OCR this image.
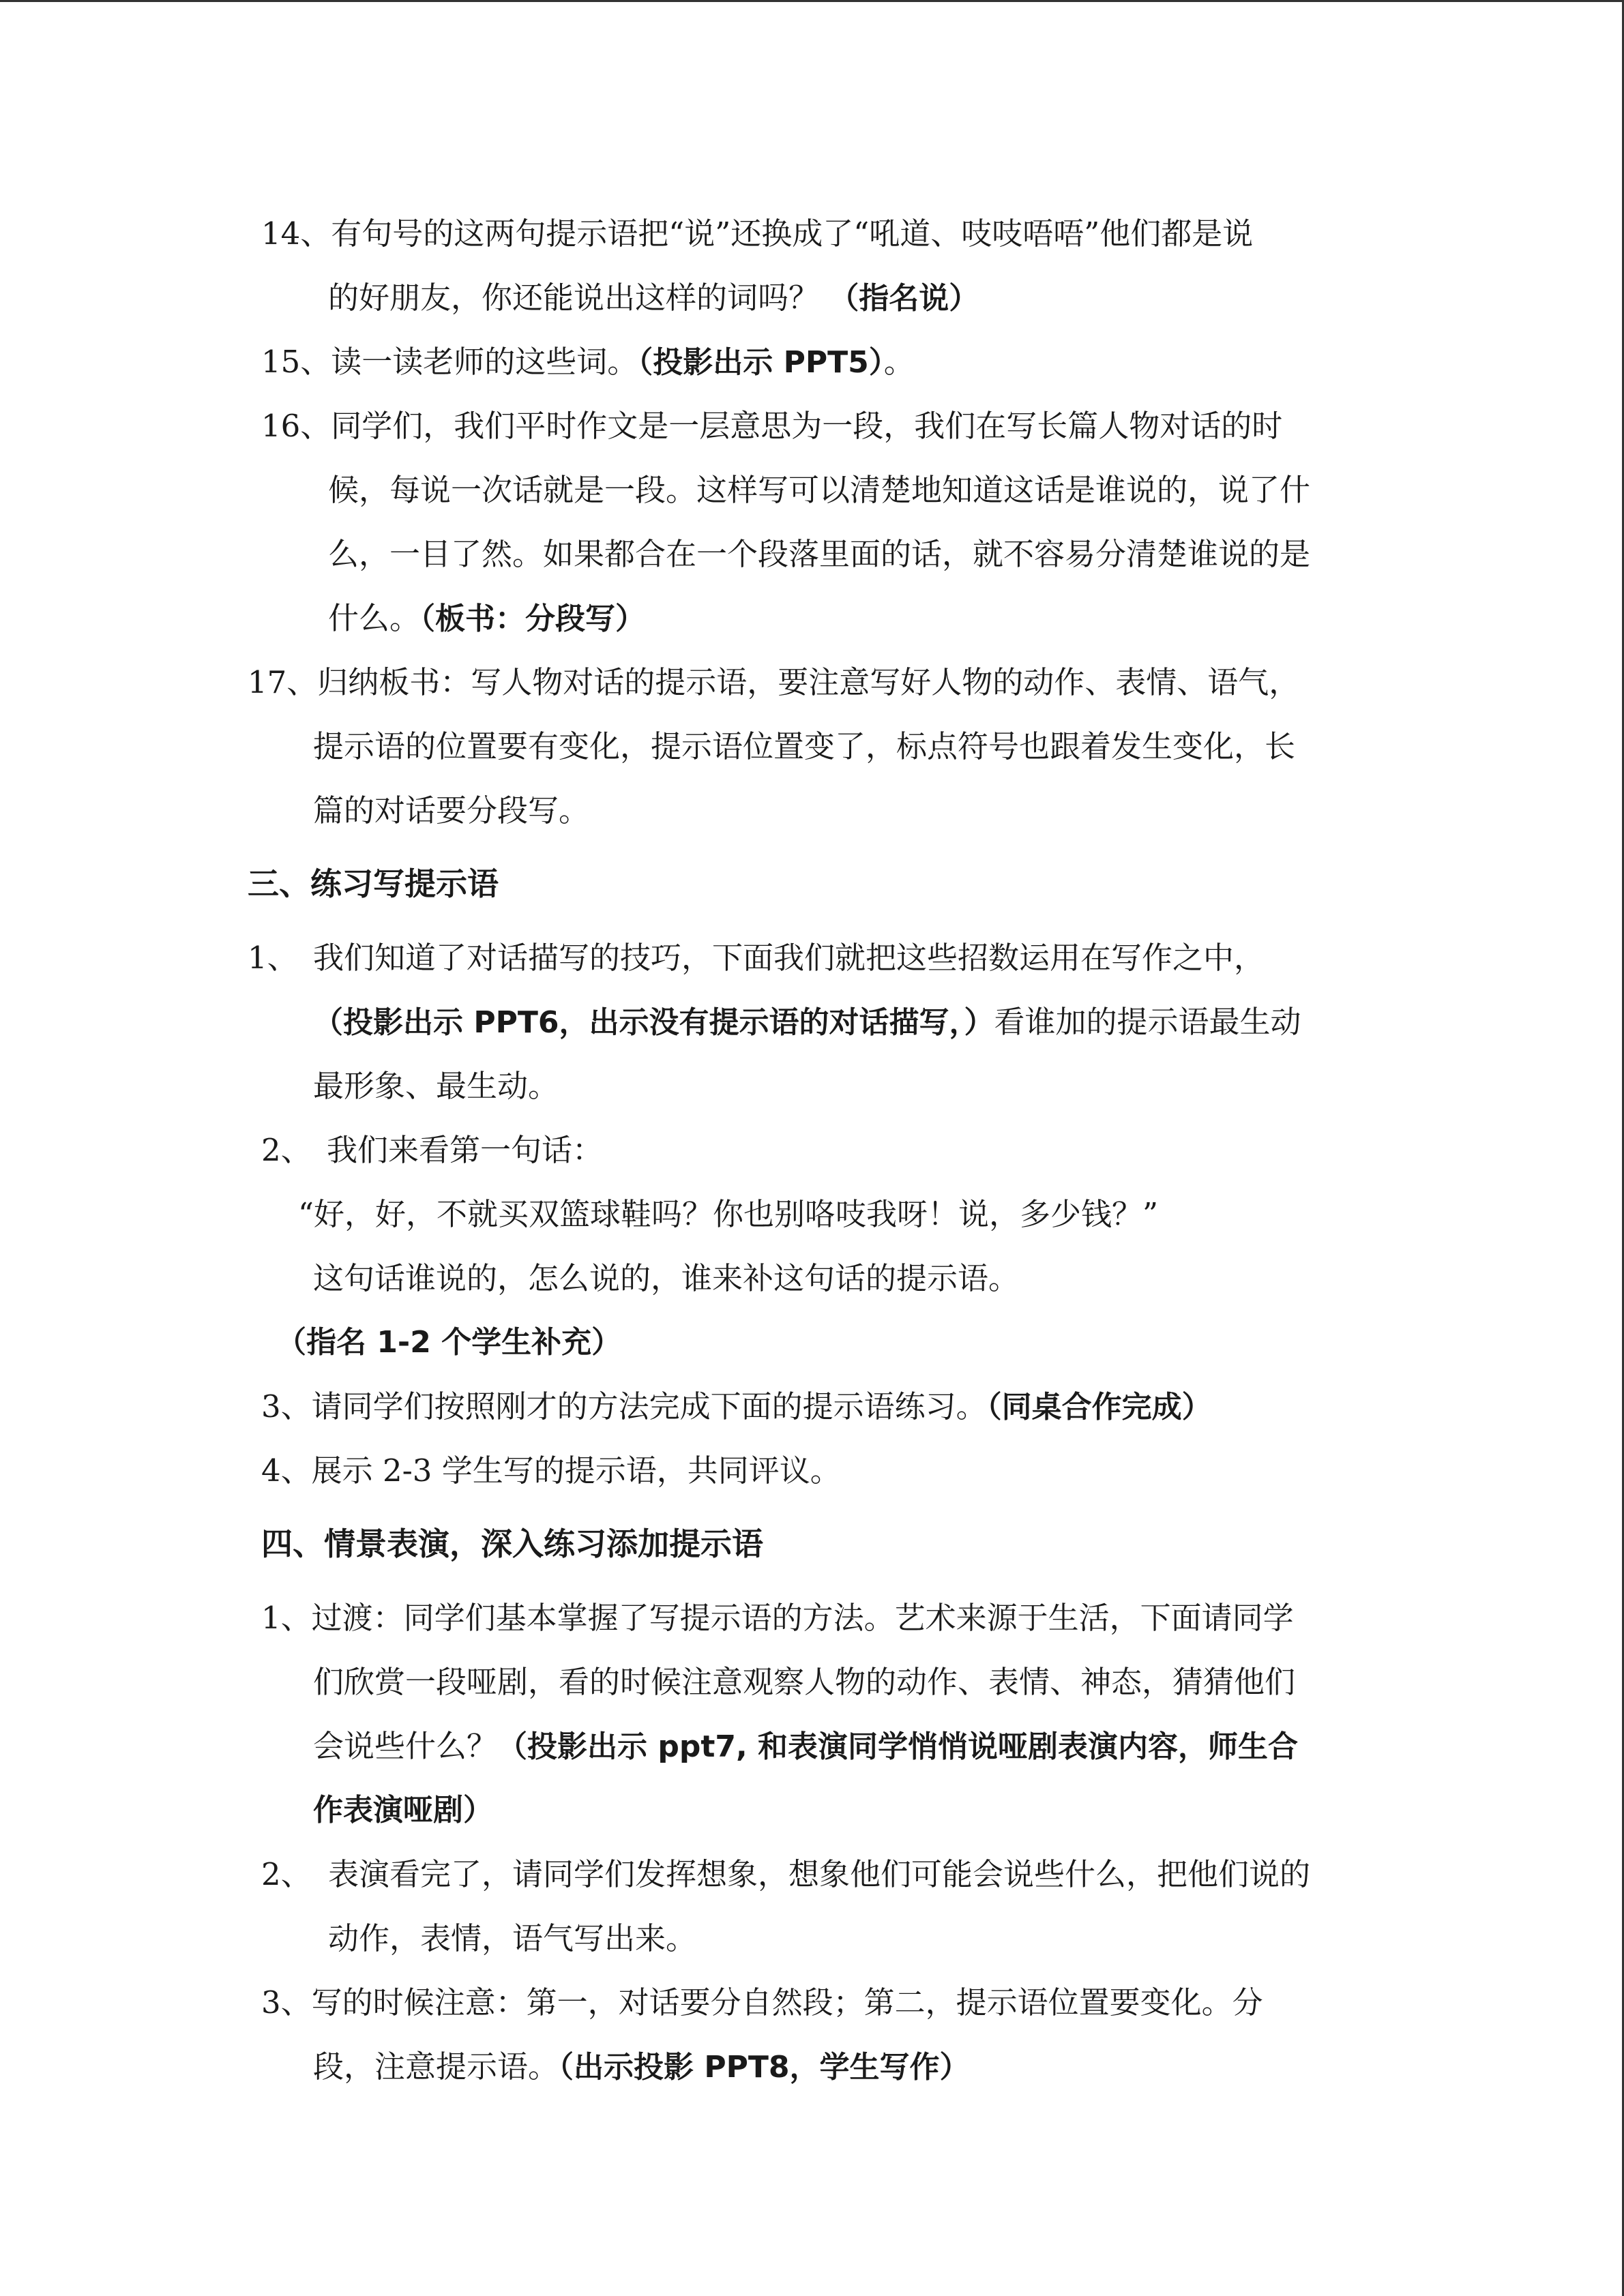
14、有句号的这两句提示语把“说”还换成了“吼道、吱吱唔唔”他们都是说
的好朋友，你还能说出这样的词吗？ （指名说）
15、读一读老师的这些词。（投影出示 PPT5）。
16、同学们，我们平时作文是一层意思为一段，我们在写长篇人物对话的时
候，每说一次话就是一段。这样写可以清楚地知道这话是谁说的，说了什
么，一目了然。如果都合在一个段落里面的话，就不容易分清楚谁说的是
什么。（板书：分段写）
17、归纳板书：写人物对话的提示语，要注意写好人物的动作、表情、语气，
提示语的位置要有变化，提示语位置变了，标点符号也跟着发生变化，长
篇的对话要分段写。
三、练习写提示语
1、 我们知道了对话描写的技巧，下面我们就把这些招数运用在写作之中，
（投影出示 PPT6，出示没有提示语的对话描写，）看谁加的提示语最生动
最形象、最生动。
2、 我们来看第一句话：
“好，好，不就买双篮球鞋吗？你也别咯吱我呀！说，多少钱？”
这句话谁说的，怎么说的，谁来补这句话的提示语。
（指名 1-2 个学生补充）
3、请同学们按照刚才的方法完成下面的提示语练习。（同桌合作完成）
4、展示 2-3 学生写的提示语，共同评议。
四、情景表演，深入练习添加提示语
1、过渡：同学们基本掌握了写提示语的方法。艺术来源于生活，下面请同学
们欣赏一段哑剧，看的时候注意观察人物的动作、表情、神态，猜猜他们
会说些什么？（投影出示 ppt7, 和表演同学悄悄说哑剧表演内容，师生合
作表演哑剧）
2、 表演看完了，请同学们发挥想象，想象他们可能会说些什么，把他们说的
动作，表情，语气写出来。
3、写的时候注意：第一，对话要分自然段；第二，提示语位置要变化。分
段，注意提示语。（出示投影 PPT8，学生写作）
